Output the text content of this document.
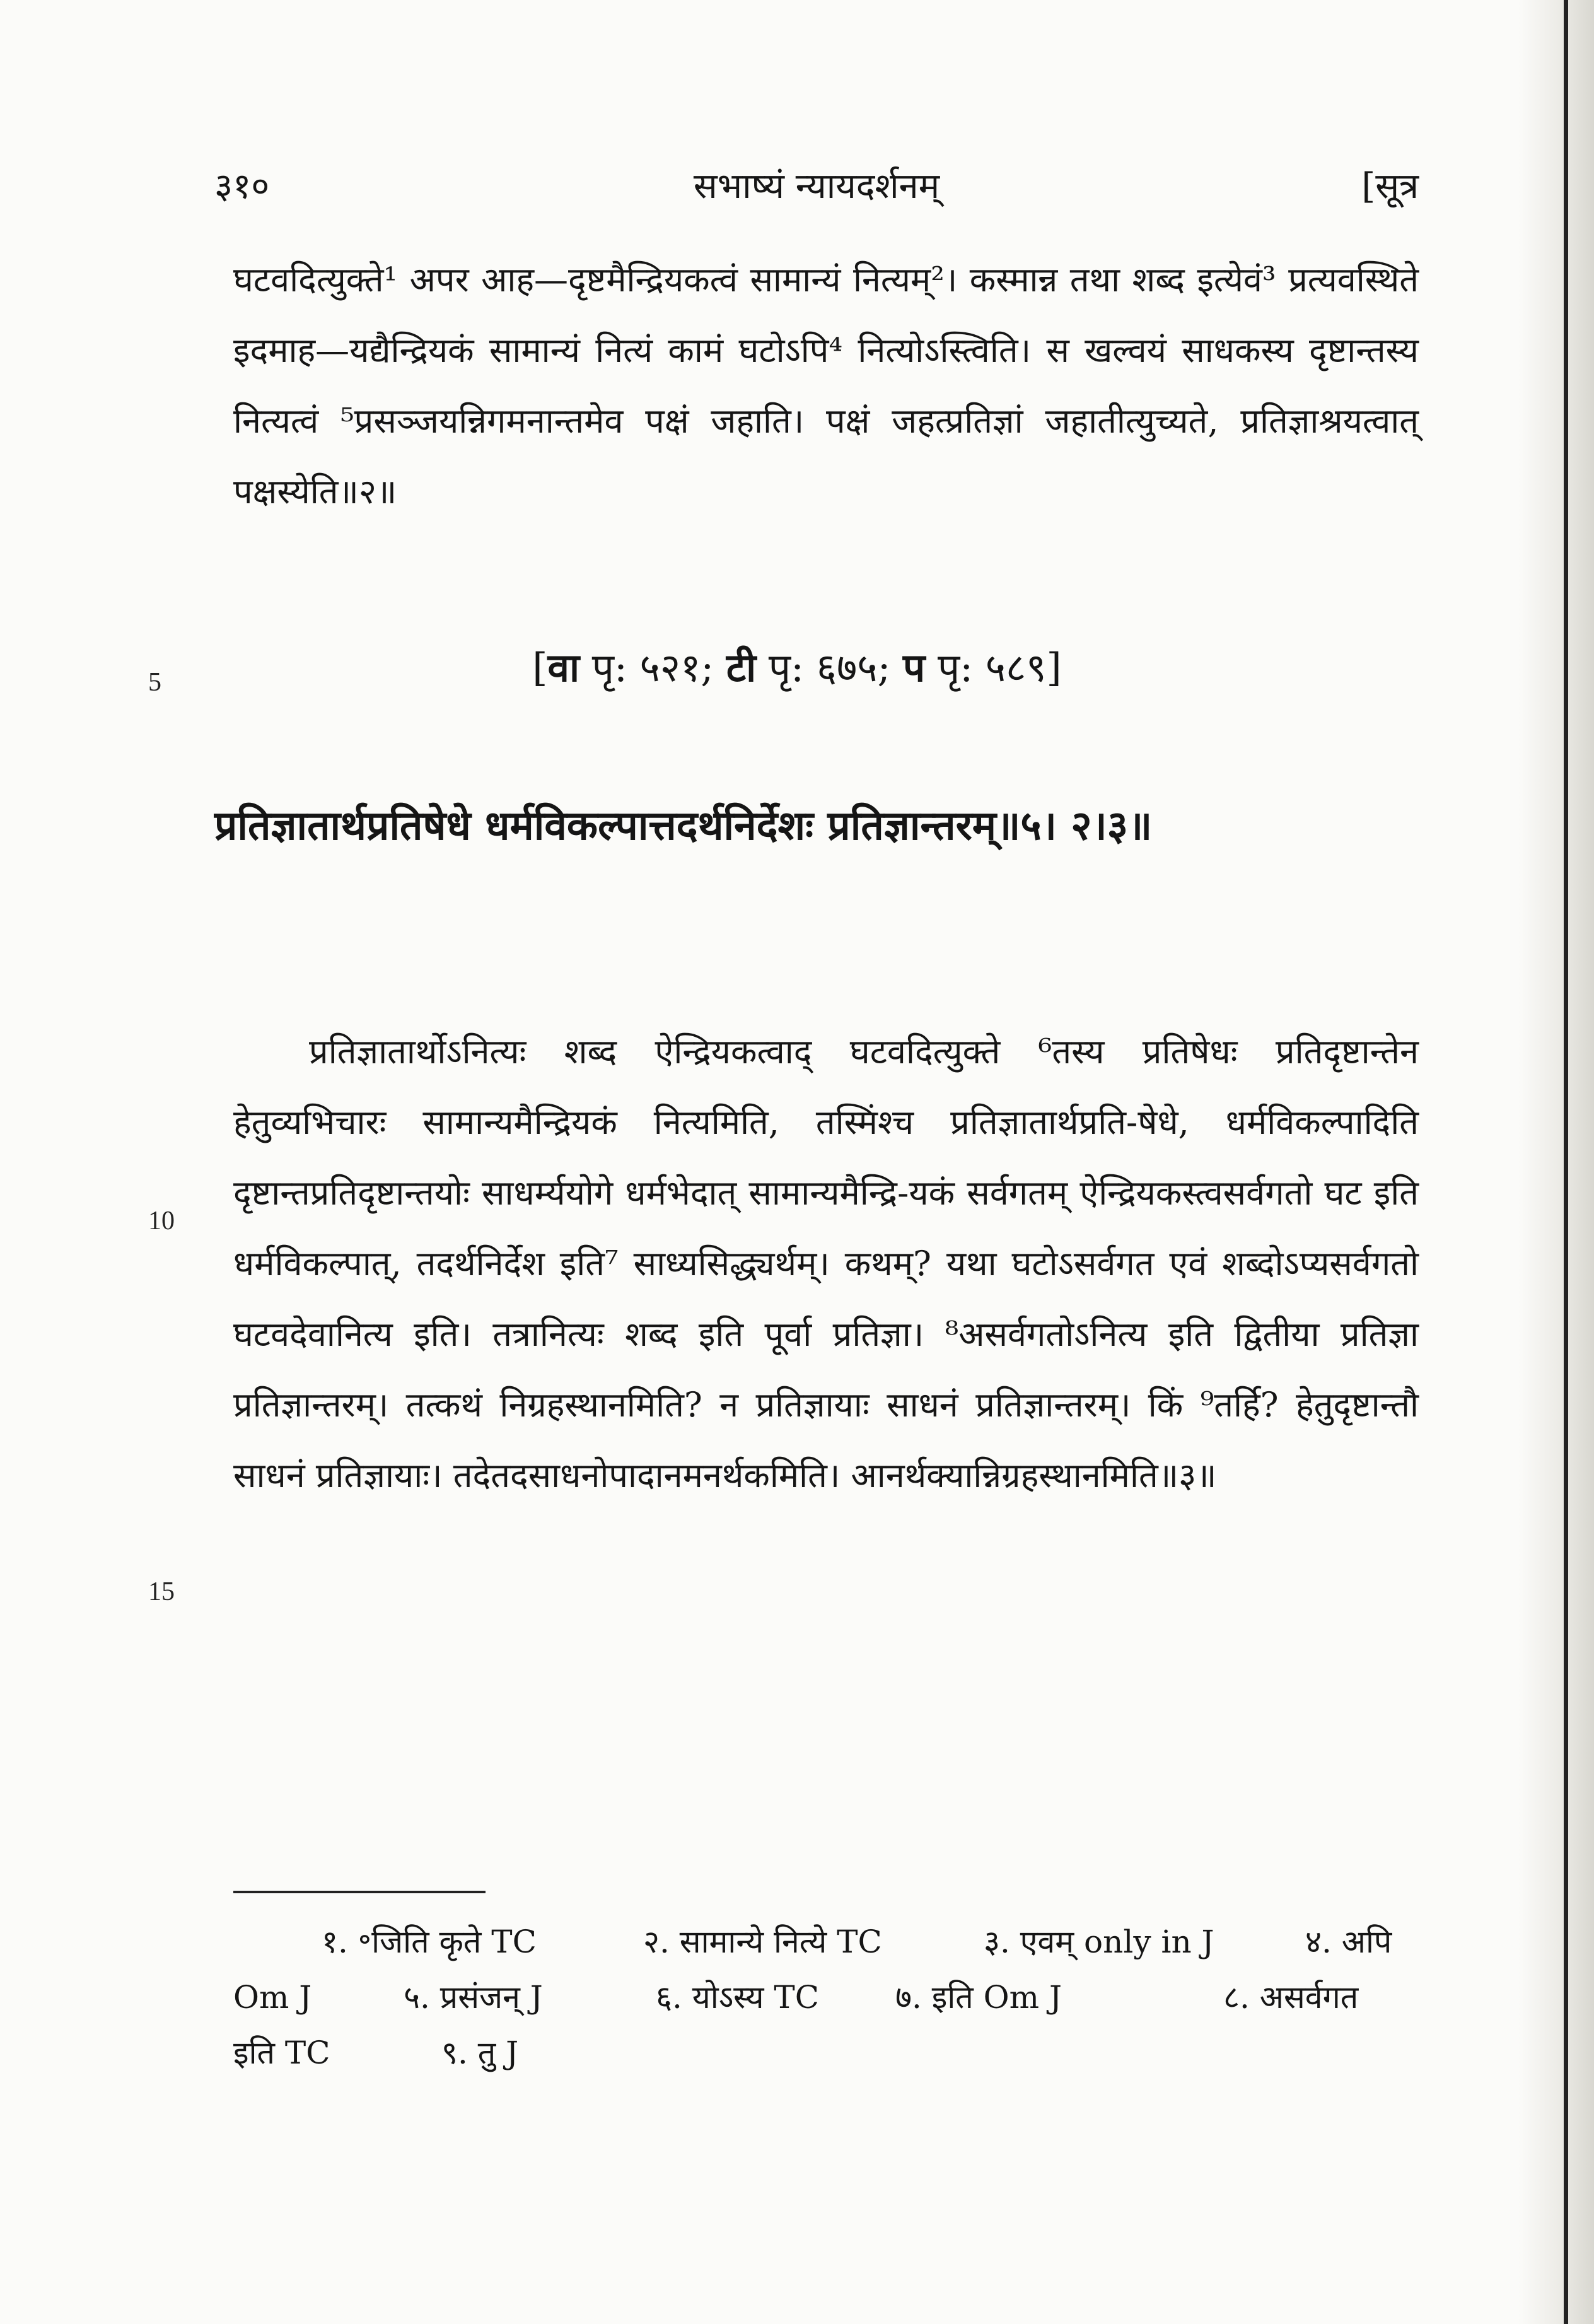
३१०	सभाष्यं न्यायदर्शनम्	[सूत्र

घटवदित्युक्ते¹ अपर आह—दृष्टमैन्द्रियकत्वं सामान्यं नित्यम्²। कस्मान्न तथा शब्द इत्येवं³ प्रत्यवस्थिते इदमाह—यद्यैन्द्रियकं सामान्यं नित्यं कामं घटोऽपि⁴ नित्योऽस्त्विति। स खल्वयं साधकस्य दृष्टान्तस्य नित्यत्वं ⁵प्रसञ्जयन्निगमनान्तमेव पक्षं जहाति। पक्षं जहत्प्रतिज्ञां जहातीत्युच्यते, प्रतिज्ञाश्रयत्वात् पक्षस्येति॥२॥

5	[वा पृ: ५२१; टी पृ: ६७५; प पृ: ५८९]
प्रतिज्ञातार्थप्रतिषेधे धर्मविकल्पात्तदर्थनिर्देशः प्रतिज्ञान्तरम्॥५। २।३॥

प्रतिज्ञातार्थोऽनित्यः शब्द ऐन्द्रियकत्वाद् घटवदित्युक्ते ⁶तस्य प्रतिषेधः प्रतिदृष्टान्तेन हेतुव्यभिचारः सामान्यमैन्द्रियकं नित्यमिति, तस्मिंश्च प्रतिज्ञातार्थप्रति-षेधे, धर्मविकल्पादिति दृष्टान्तप्रतिदृष्टान्तयोः साधर्म्ययोगे धर्मभेदात् सामान्यमैन्द्रि-यकं सर्वगतम् ऐन्द्रियकस्त्वसर्वगतो घट इति धर्मविकल्पात्, तदर्थनिर्देश इति⁷ साध्यसिद्ध्यर्थम्। कथम्? यथा घटोऽसर्वगत एवं शब्दोऽप्यसर्वगतो घटवदेवानित्य इति। तत्रानित्यः शब्द इति पूर्वा प्रतिज्ञा। ⁸असर्वगतोऽनित्य इति द्वितीया प्रतिज्ञा प्रतिज्ञान्तरम्। तत्कथं निग्रहस्थानमिति? न प्रतिज्ञायाः साधनं प्रतिज्ञान्तरम्। किं ⁹तर्हि? हेतुदृष्टान्तौ साधनं प्रतिज्ञायाः। तदेतदसाधनोपादानमनर्थकमिति। आनर्थक्यान्निग्रहस्थानमिति॥३॥

10
15
१. ॰जिति कृते TC	२. सामान्ये नित्ये TC	३. एवम् only in J	४. अपि
Om J	५. प्रसंजन् J	६. योऽस्य TC ७. इति Om J	८. असर्वगत
इति TC	९. तु J
